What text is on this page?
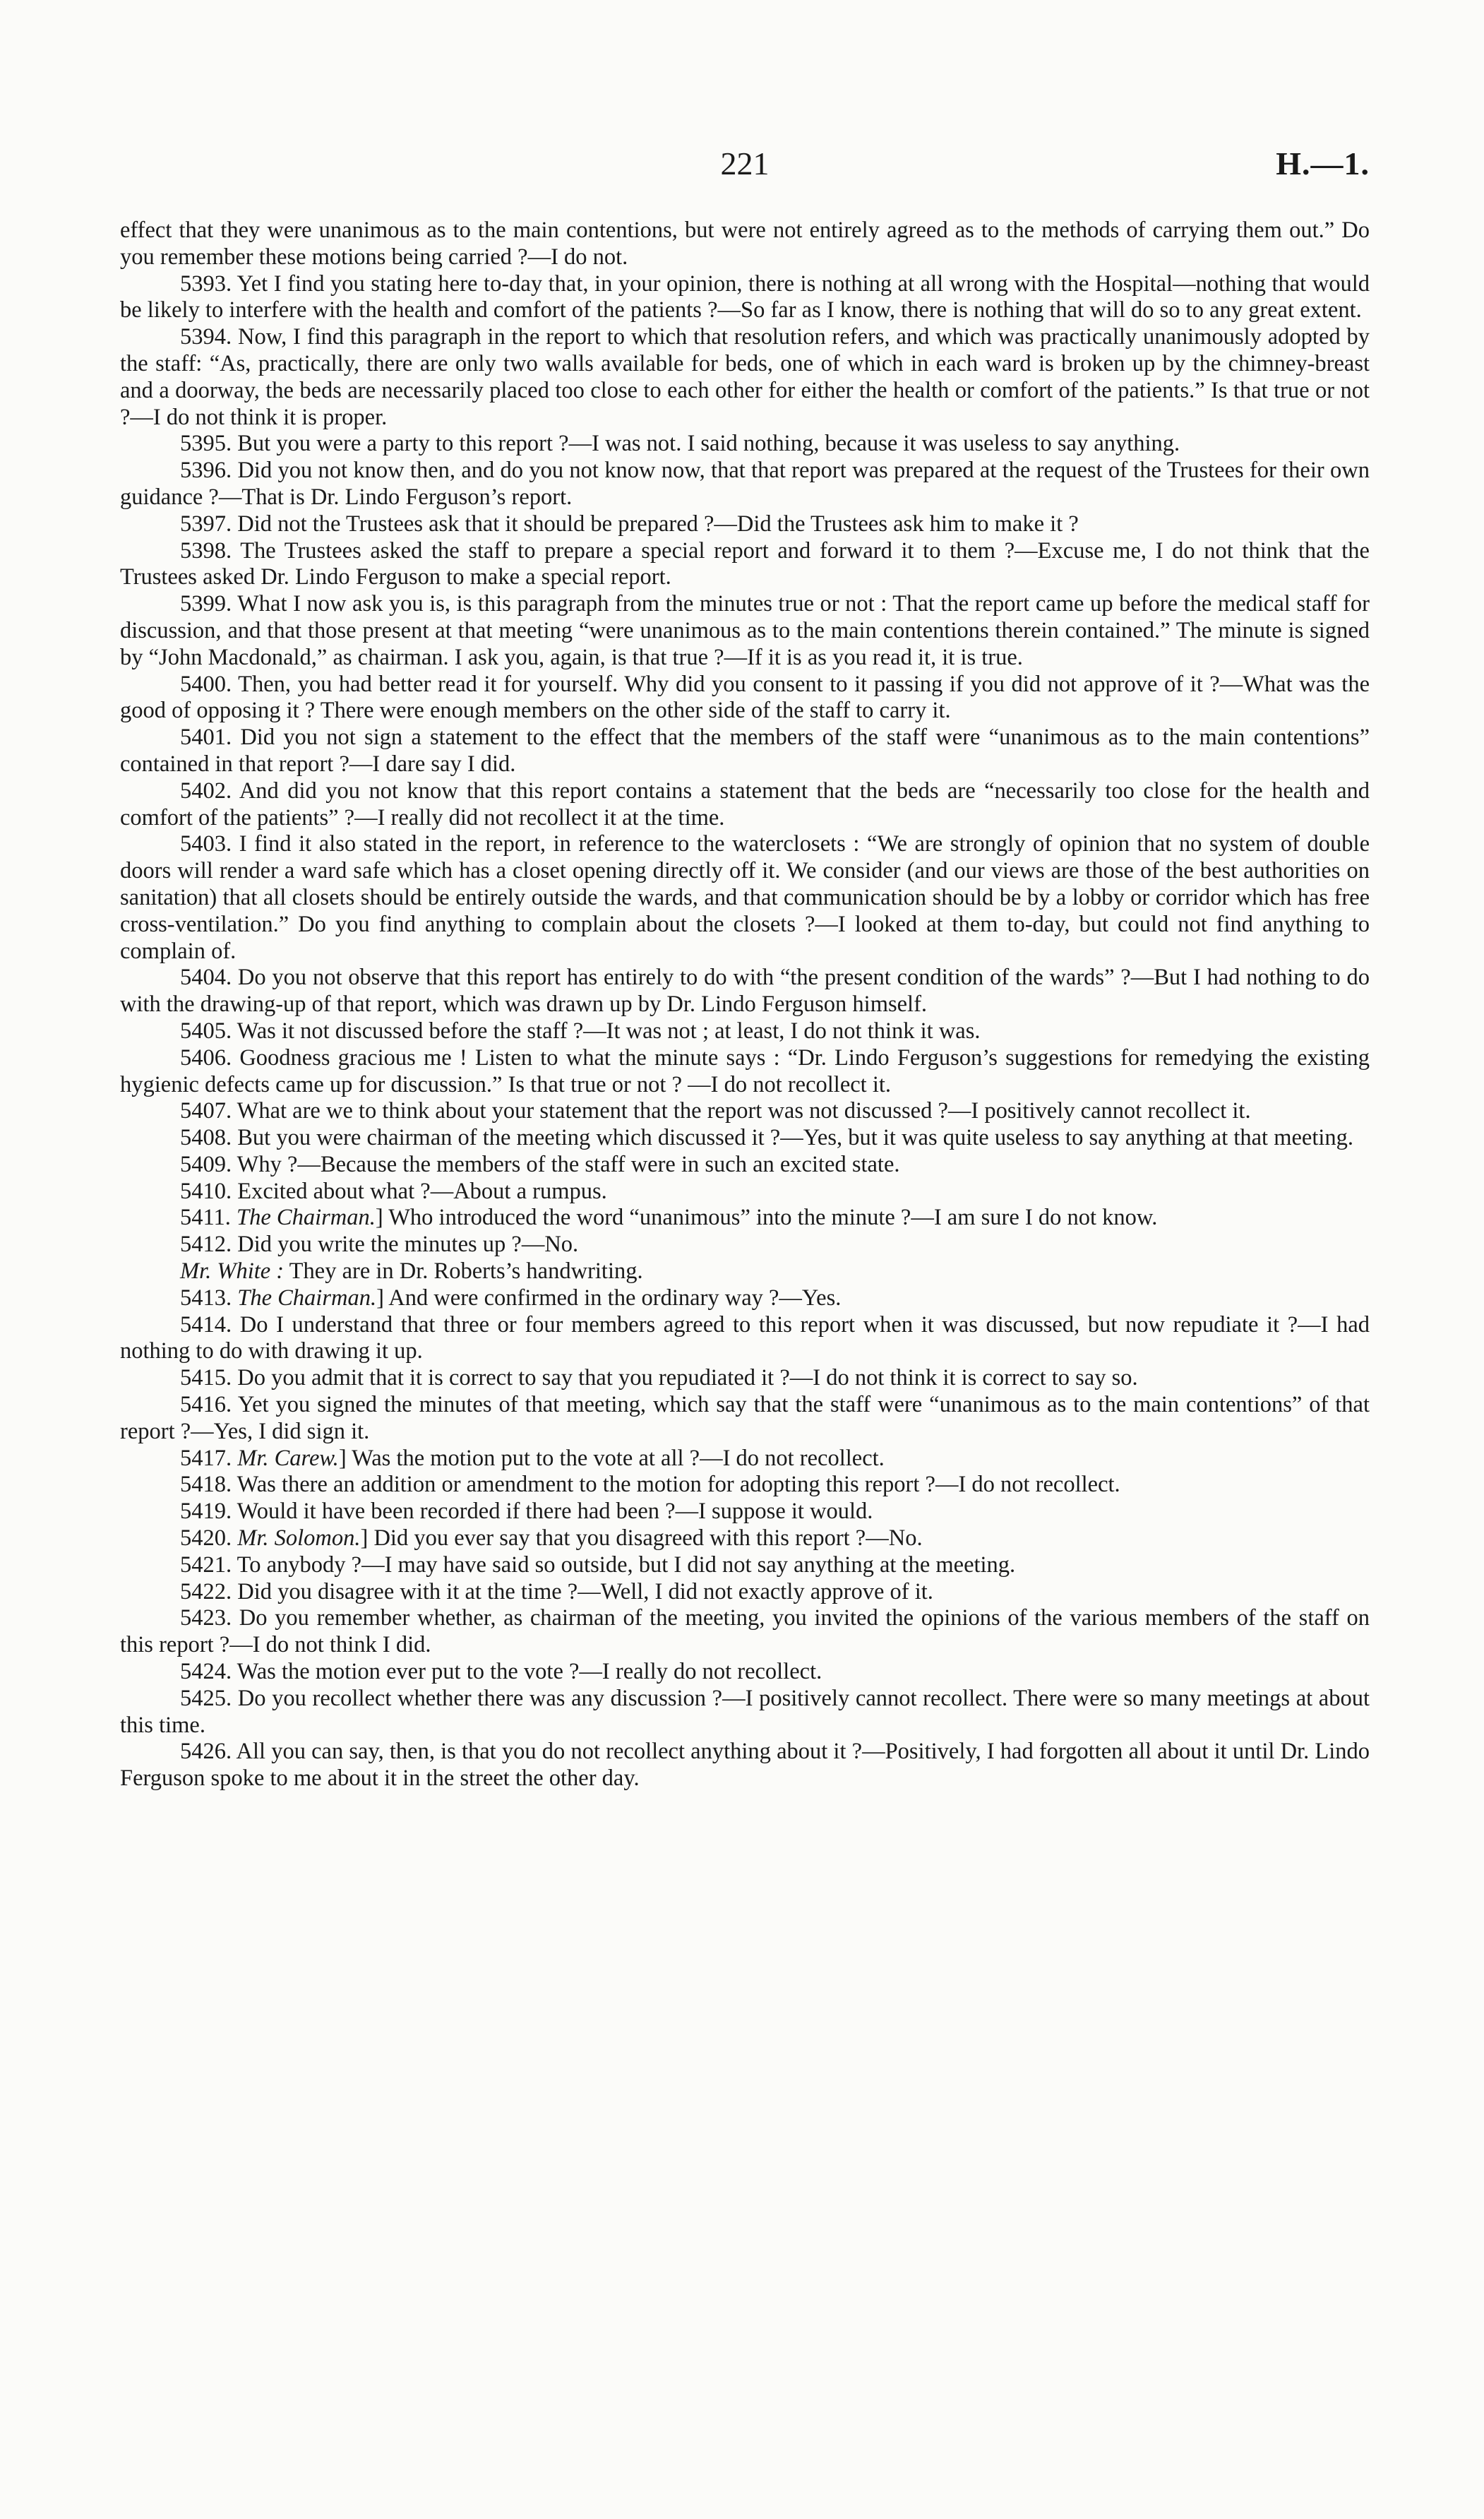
221	H.—1.

effect that they were unanimous as to the main contentions, but were not entirely agreed as to the methods of carrying them out.” Do you remember these motions being carried ?—I do not.

5393. Yet I find you stating here to-day that, in your opinion, there is nothing at all wrong with the Hospital—nothing that would be likely to interfere with the health and comfort of the patients ?—So far as I know, there is nothing that will do so to any great extent.

5394. Now, I find this paragraph in the report to which that resolution refers, and which was practically unanimously adopted by the staff: “As, practically, there are only two walls available for beds, one of which in each ward is broken up by the chimney-breast and a doorway, the beds are necessarily placed too close to each other for either the health or comfort of the patients.” Is that true or not ?—I do not think it is proper.

5395. But you were a party to this report ?—I was not. I said nothing, because it was useless to say anything.

5396. Did you not know then, and do you not know now, that that report was prepared at the request of the Trustees for their own guidance ?—That is Dr. Lindo Ferguson’s report.

5397. Did not the Trustees ask that it should be prepared ?—Did the Trustees ask him to make it ?

5398. The Trustees asked the staff to prepare a special report and forward it to them ?—Excuse me, I do not think that the Trustees asked Dr. Lindo Ferguson to make a special report.

5399. What I now ask you is, is this paragraph from the minutes true or not : That the report came up before the medical staff for discussion, and that those present at that meeting “were unanimous as to the main contentions therein contained.” The minute is signed by “John Macdonald,” as chairman. I ask you, again, is that true ?—If it is as you read it, it is true.

5400. Then, you had better read it for yourself. Why did you consent to it passing if you did not approve of it ?—What was the good of opposing it ? There were enough members on the other side of the staff to carry it.

5401. Did you not sign a statement to the effect that the members of the staff were “unanimous as to the main contentions” contained in that report ?—I dare say I did.

5402. And did you not know that this report contains a statement that the beds are “necessarily too close for the health and comfort of the patients” ?—I really did not recollect it at the time.

5403. I find it also stated in the report, in reference to the waterclosets : “We are strongly of opinion that no system of double doors will render a ward safe which has a closet opening directly off it. We consider (and our views are those of the best authorities on sanitation) that all closets should be entirely outside the wards, and that communication should be by a lobby or corridor which has free cross-ventilation.” Do you find anything to complain about the closets ?—I looked at them to-day, but could not find anything to complain of.

5404. Do you not observe that this report has entirely to do with “the present condition of the wards” ?—But I had nothing to do with the drawing-up of that report, which was drawn up by Dr. Lindo Ferguson himself.

5405. Was it not discussed before the staff ?—It was not ; at least, I do not think it was.

5406. Goodness gracious me ! Listen to what the minute says : “Dr. Lindo Ferguson’s suggestions for remedying the existing hygienic defects came up for discussion.” Is that true or not ? —I do not recollect it.

5407. What are we to think about your statement that the report was not discussed ?—I positively cannot recollect it.

5408. But you were chairman of the meeting which discussed it ?—Yes, but it was quite useless to say anything at that meeting.

5409. Why ?—Because the members of the staff were in such an excited state.

5410. Excited about what ?—About a rumpus.

5411. The Chairman.] Who introduced the word “unanimous” into the minute ?—I am sure I do not know.

5412. Did you write the minutes up ?—No.

Mr. White : They are in Dr. Roberts’s handwriting.

5413. The Chairman.] And were confirmed in the ordinary way ?—Yes.

5414. Do I understand that three or four members agreed to this report when it was discussed, but now repudiate it ?—I had nothing to do with drawing it up.

5415. Do you admit that it is correct to say that you repudiated it ?—I do not think it is correct to say so.

5416. Yet you signed the minutes of that meeting, which say that the staff were “unanimous as to the main contentions” of that report ?—Yes, I did sign it.

5417. Mr. Carew.] Was the motion put to the vote at all ?—I do not recollect.

5418. Was there an addition or amendment to the motion for adopting this report ?—I do not recollect.

5419. Would it have been recorded if there had been ?—I suppose it would.

5420. Mr. Solomon.] Did you ever say that you disagreed with this report ?—No.

5421. To anybody ?—I may have said so outside, but I did not say anything at the meeting.

5422. Did you disagree with it at the time ?—Well, I did not exactly approve of it.

5423. Do you remember whether, as chairman of the meeting, you invited the opinions of the various members of the staff on this report ?—I do not think I did.

5424. Was the motion ever put to the vote ?—I really do not recollect.

5425. Do you recollect whether there was any discussion ?—I positively cannot recollect. There were so many meetings at about this time.

5426. All you can say, then, is that you do not recollect anything about it ?—Positively, I had forgotten all about it until Dr. Lindo Ferguson spoke to me about it in the street the other day.
